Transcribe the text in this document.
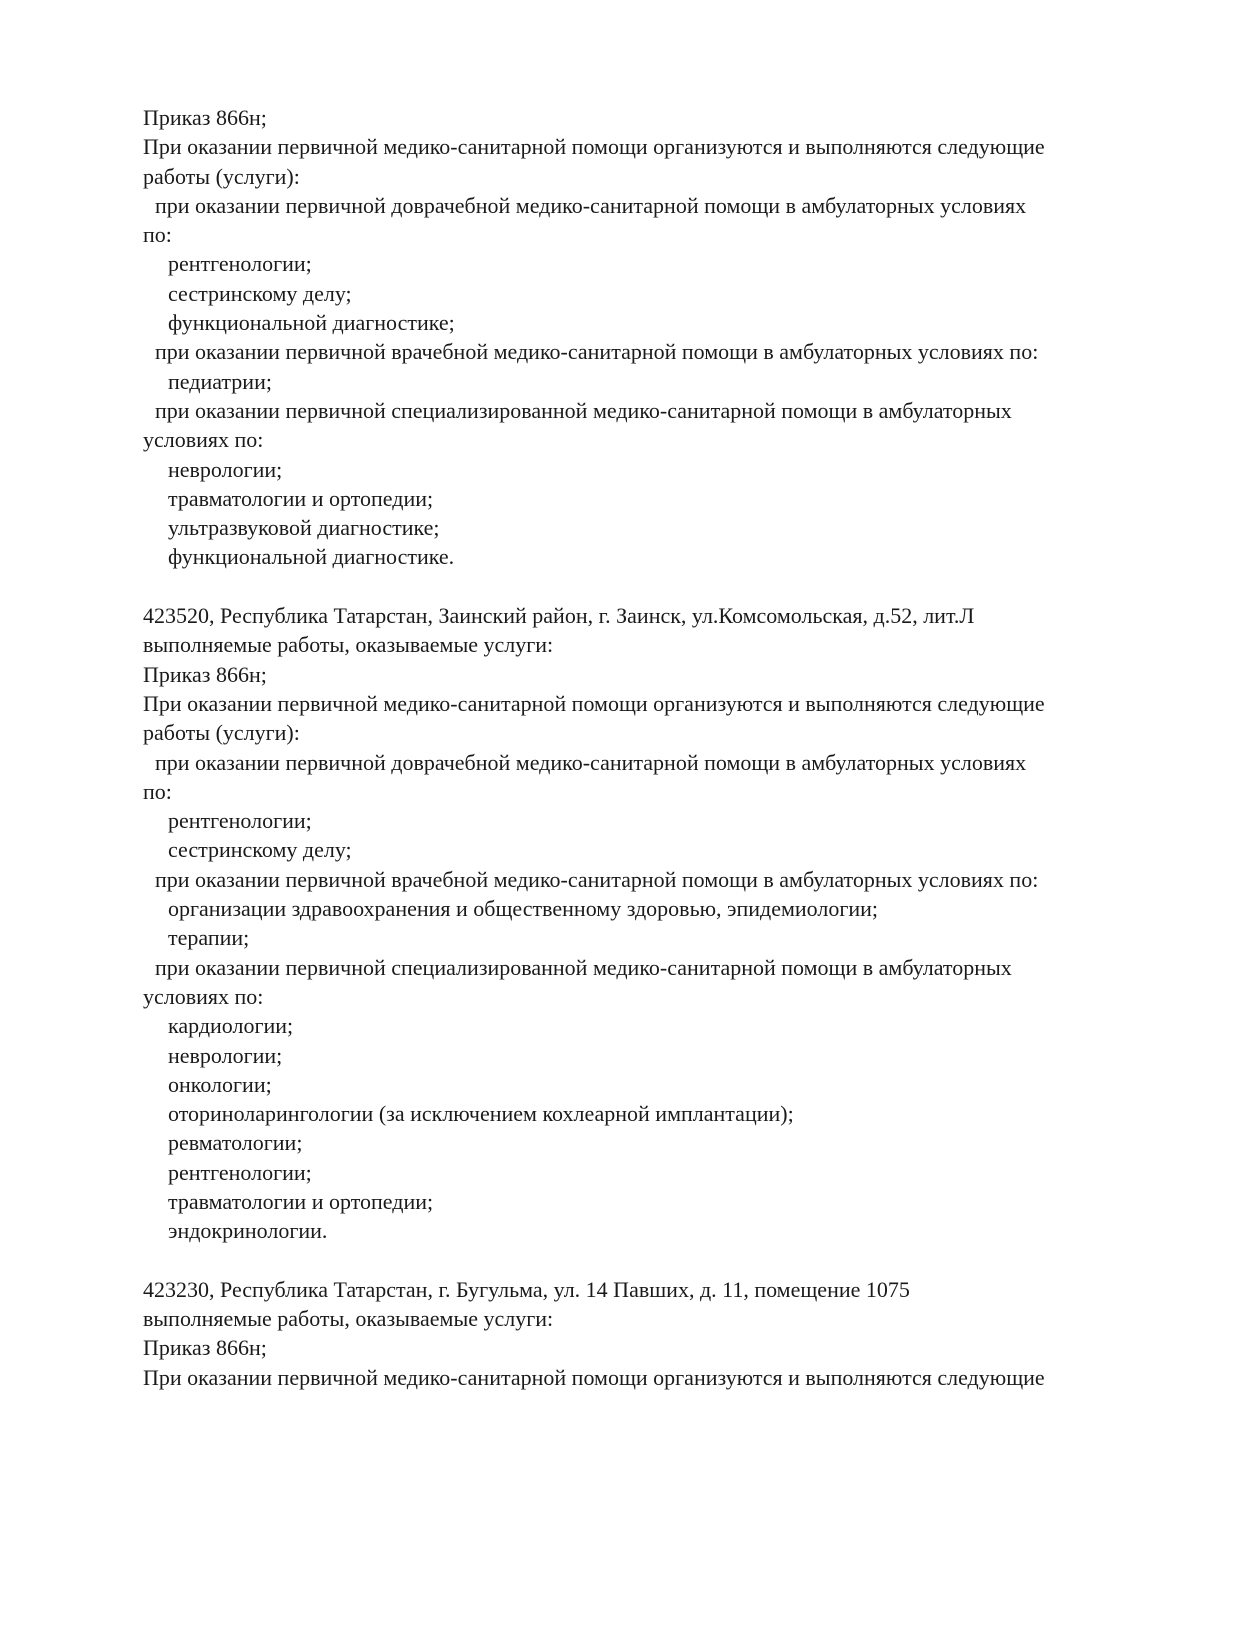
Приказ 866н;
При оказании первичной медико-санитарной помощи организуются и выполняются следующие
работы (услуги):
при оказании первичной доврачебной медико-санитарной помощи в амбулаторных условиях
по:
рентгенологии;
сестринскому делу;
функциональной диагностике;
при оказании первичной врачебной медико-санитарной помощи в амбулаторных условиях по:
педиатрии;
при оказании первичной специализированной медико-санитарной помощи в амбулаторных
условиях по:
неврологии;
травматологии и ортопедии;
ультразвуковой диагностике;
функциональной диагностике.
423520, Республика Татарстан, Заинский район, г. Заинск, ул.Комсомольская, д.52, лит.Л
выполняемые работы, оказываемые услуги:
Приказ 866н;
При оказании первичной медико-санитарной помощи организуются и выполняются следующие
работы (услуги):
при оказании первичной доврачебной медико-санитарной помощи в амбулаторных условиях
по:
рентгенологии;
сестринскому делу;
при оказании первичной врачебной медико-санитарной помощи в амбулаторных условиях по:
организации здравоохранения и общественному здоровью, эпидемиологии;
терапии;
при оказании первичной специализированной медико-санитарной помощи в амбулаторных
условиях по:
кардиологии;
неврологии;
онкологии;
оториноларингологии (за исключением кохлеарной имплантации);
ревматологии;
рентгенологии;
травматологии и ортопедии;
эндокринологии.
423230, Республика Татарстан, г. Бугульма, ул. 14 Павших, д. 11, помещение 1075
выполняемые работы, оказываемые услуги:
Приказ 866н;
При оказании первичной медико-санитарной помощи организуются и выполняются следующие
